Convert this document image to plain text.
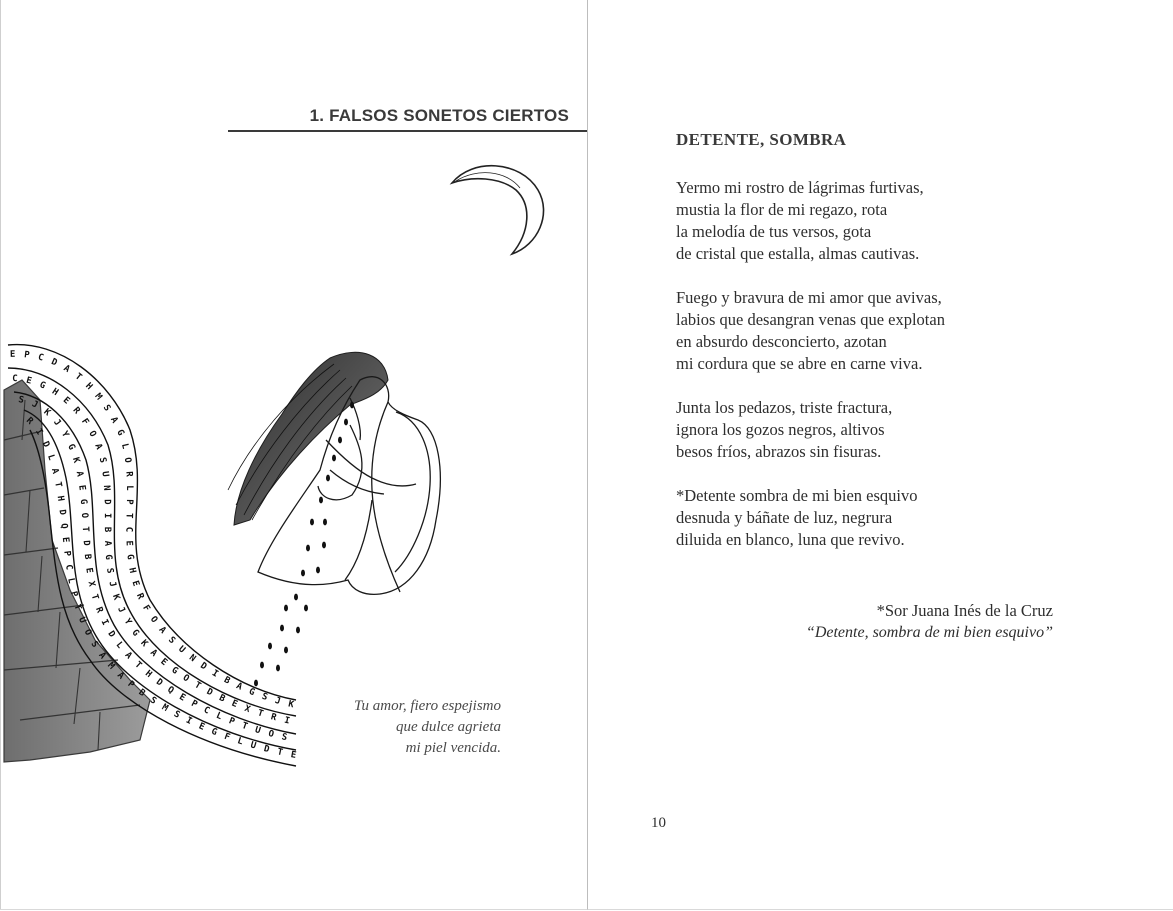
1. FALSOS SONETOS CIERTOS
E P C D A T H M S A G L O R L P T C E G H E R F O A S U N D I B A G S J K
C E G H E R F O A S U N D I B A G S J K J Y G K A E G O T D B E X T R I
S J K J Y G K A E G O T D B E X T R I D L A T H D Q E P C L P T U O S
R I D L A T H D Q E P C L P T U O S A M A P B S M S I E G F L U D T E
Tu amor, fiero espejismo
que dulce agrieta
mi piel vencida.
DETENTE, SOMBRA
Yermo mi rostro de lágrimas furtivas,
mustia la flor de mi regazo, rota
la melodía de tus versos, gota
de cristal que estalla, almas cautivas.
Fuego y bravura de mi amor que avivas,
labios que desangran venas que explotan
en absurdo desconcierto, azotan
mi cordura que se abre en carne viva.
Junta los pedazos, triste fractura,
ignora los gozos negros, altivos
besos fríos, abrazos sin fisuras.
*Detente sombra de mi bien esquivo
desnuda y báñate de luz, negrura
diluida en blanco, luna que revivo.
*Sor Juana Inés de la Cruz
“Detente, sombra de mi bien esquivo”
10
